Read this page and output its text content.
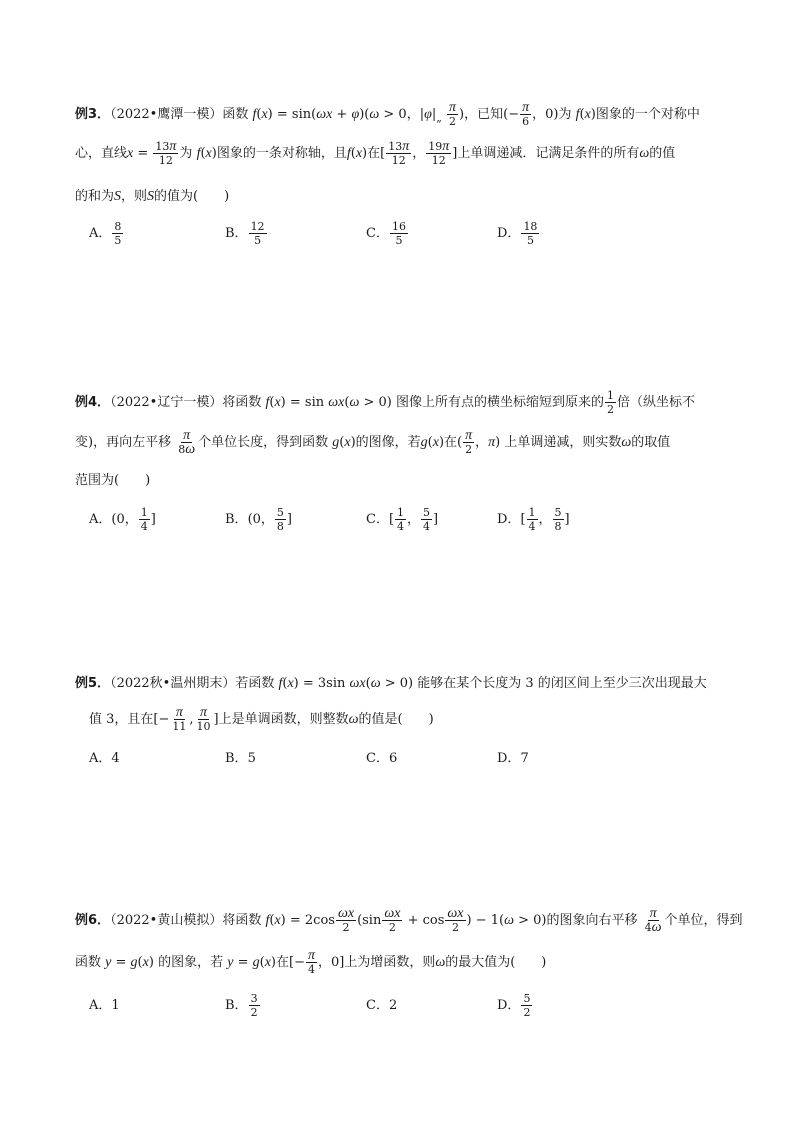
例3．（2022•鹰潭一模）函数 f(x) = sin(ωx + φ)(ω > 0，$|\varphi|_„ \frac{\pi}{2}$ )，已知(− $\frac{\pi}{6}$ ，0)为 f(x)图象的一个对称中
心，直线$x = \frac{13\pi}{12}$ 为 f(x)图象的一条对称轴，且f(x)在[ $\frac{13\pi}{12}$ ， $\frac{19\pi}{12}$ ]上单调递减．记满足条件的所有ω的值
的和为S，则S的值为(　　)
A． $\frac{8}{5}$	B． $\frac{12}{5}$	C． $\frac{16}{5}$	D． $\frac{18}{5}$
例4．（2022•辽宁一模）将函数 f(x) = sin ωx(ω > 0) 图像上所有点的横坐标缩短到原来的 $\frac{1}{2}$ 倍（纵坐标不
变)，再向左平移 $\frac{\pi}{8\omega}$ 个单位长度，得到函数 g(x)的图像，若g(x)在( $\frac{\pi}{2}$ ，π) 上单调递减，则实数ω的取值
范围为(　　)
A．(0， $\frac{1}{4}$ ]	B．(0， $\frac{5}{8}$ ]	C．[ $\frac{1}{4}$ ， $\frac{5}{4}$ ]	D．[ $\frac{1}{4}$ ， $\frac{5}{8}$ ]
例5．（2022秋•温州期末）若函数 f(x) = 3sin ωx(ω > 0) 能够在某个长度为 3 的闭区间上至少三次出现最大
值 3，且在[− $\frac{\pi}{11}$ , $\frac{\pi}{10}$ ]上是单调函数，则整数ω的值是(　　)
A．4	B．5	C．6	D．7
例6．（2022•黄山模拟）将函数 $f(x) = 2\cos \frac{\omega x}{2} (\sin \frac{\omega x}{2} + \cos \frac{\omega x}{2}$ ) − 1(ω > 0)的图象向右平移 $\frac{\pi}{4\omega}$ 个单位，得到
函数 y = g(x) 的图象，若 y = g(x)在[− $\frac{\pi}{4}$ ，0]上为增函数，则ω的最大值为(　　)
A．1	B． $\frac{3}{2}$	C．2	D． $\frac{5}{2}$
